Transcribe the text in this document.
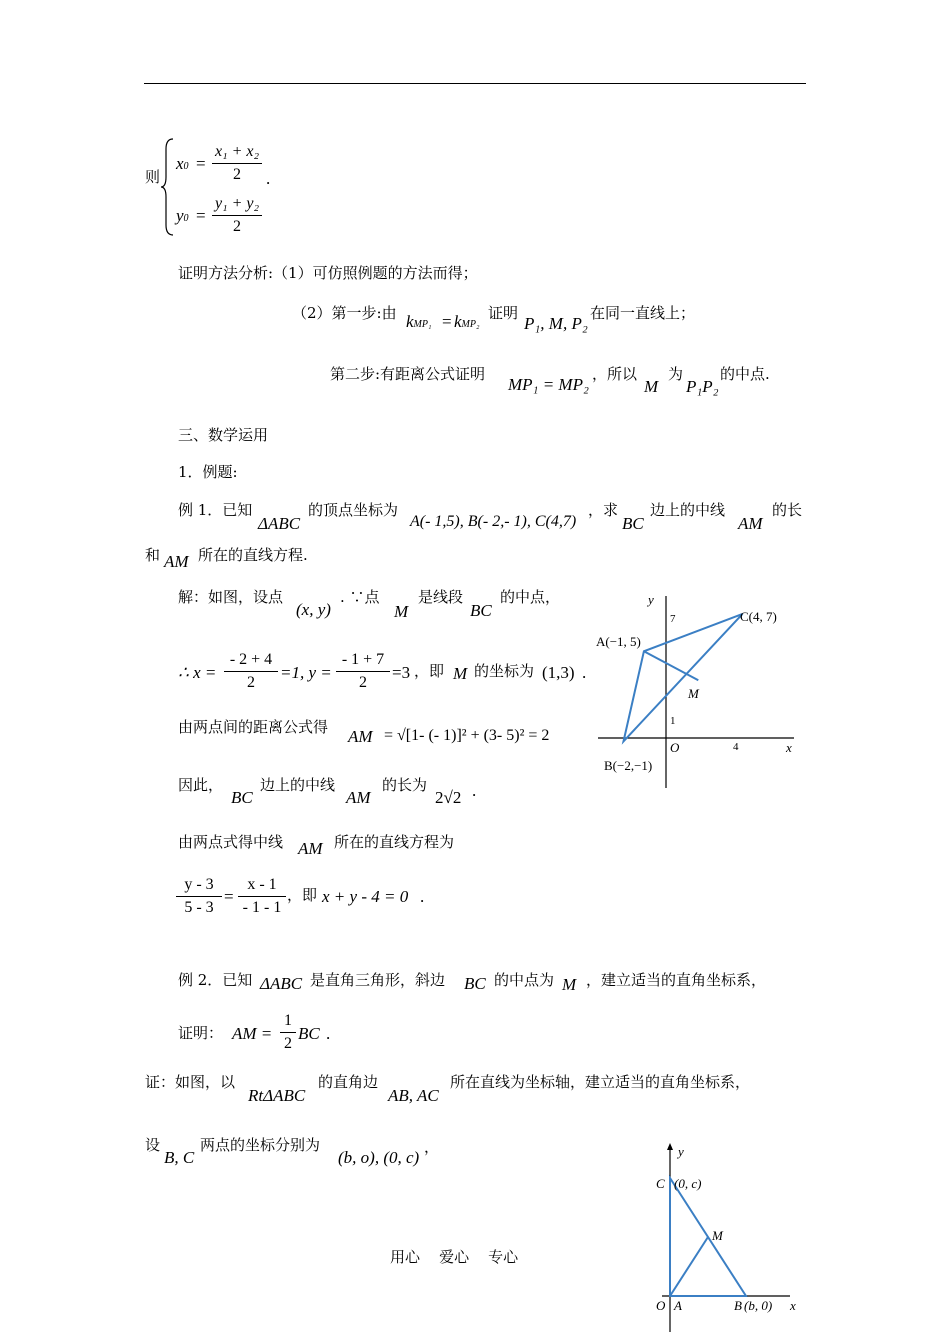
则
x0 =
x₁ + x₂
2	.
y0 =
y₁ + y₂
2
证明方法分析:（1）可仿照例题的方法而得；
（2）第一步:由 kMP₁ = kMP₂
证明
P₁, M, P₂
在同一直线上；
第二步:有距离公式证明
MP₁ = MP₂
，所以
M
为
P₁P₂
的中点.
三、数学运用
1．例题:
例 1．已知
ΔABC
的顶点坐标为
A(- 1,5), B(- 2,- 1), C(4,7)
，求
BC
边上的中线
AM
的长
和 AM 所在的直线方程.
解：如图，设点
(x, y)
. ∵点
M
是线段
BC
的中点，
∴ x =
- 2 + 4
2
=1, y =
- 1 + 7
2
=3 ，即 M 的坐标为 (1,3) .
由两点间的距离公式得 AM = √[1- (- 1)]² + (3- 5)² = 2
因此，
BC
边上的中线
AM
的长为
2√2 .
由两点式得中线 AM 所在的直线方程为
y - 3
5 - 3
=
x - 1
- 1 - 1
，即 x + y - 4 = 0 .
y
x
O
7
1
4
A(−1, 5)
C(4, 7)
B(−2,−1)
M
例 2．已知 ΔABC 是直角三角形，斜边 BC 的中点为 M ，建立适当的直角坐标系，
证明： AM =
1
2
BC .
证：如图，以
RtΔABC
的直角边
AB, AC
所在直线为坐标轴，建立适当的直角坐标系，
设
B, C
两点的坐标分别为
(b, o), (0, c)
，	y
C (0, c)
M
O A	B (b, 0) x
用心    爱心    专心
